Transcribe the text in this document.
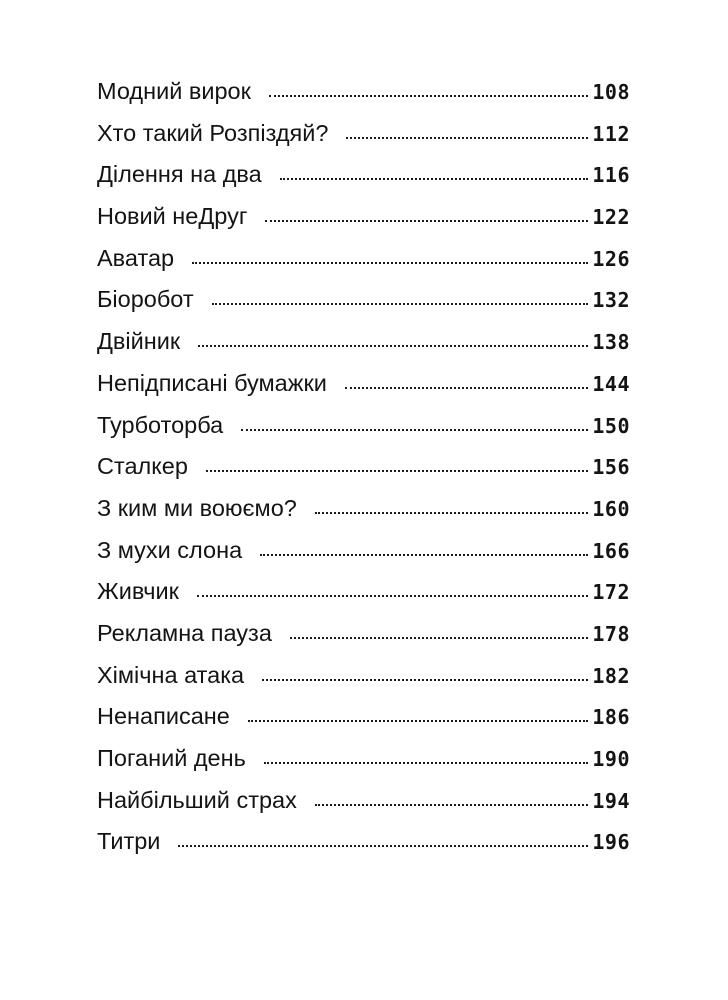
Модний вирок	108
Хто такий Розпіздяй?	112
Ділення на два	116
Новий неДруг	122
Аватар	126
Біоробот	132
Двійник	138
Непідписані бумажки	144
Турботорба	150
Сталкер	156
З ким ми воюємо?	160
З мухи слона	166
Живчик	172
Рекламна пауза	178
Хімічна атака	182
Ненаписане	186
Поганий день	190
Найбільший страх	194
Титри	196
